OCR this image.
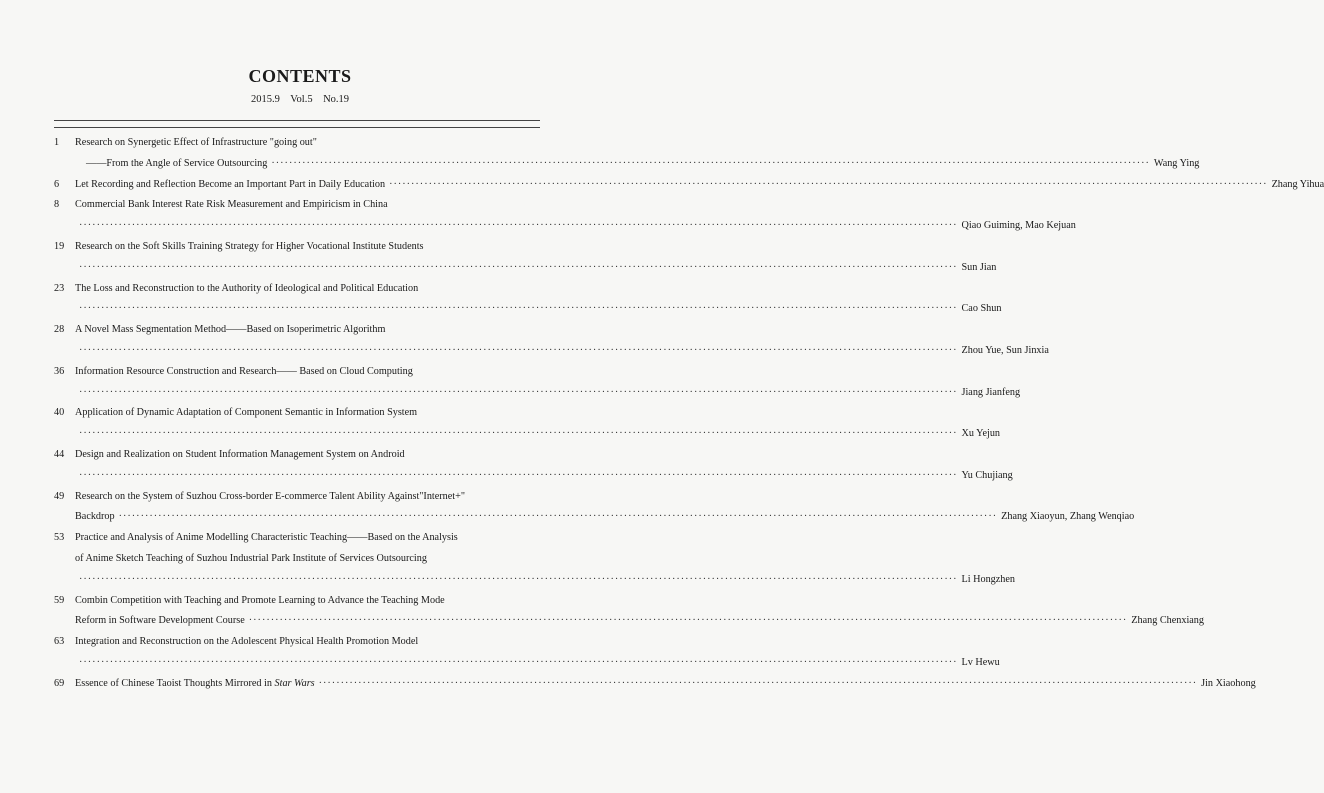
CONTENTS
2015.9　Vol.5　No.19
1 Research on Synergetic Effect of Infrastructure "going out"
——From the Angle of Service Outsourcing ········································································································································································································ Wang Ying
6 Let Recording and Reflection Become an Important Part in Daily Education ········································································································································································································ Zhang Yihua
8 Commercial Bank Interest Rate Risk Measurement and Empiricism in China
········································································································································································································ Qiao Guiming, Mao Kejuan
19 Research on the Soft Skills Training Strategy for Higher Vocational Institute Students
········································································································································································································ Sun Jian
23 The Loss and Reconstruction to the Authority of Ideological and Political Education
········································································································································································································ Cao Shun
28 A Novel Mass Segmentation Method——Based on Isoperimetric Algorithm
········································································································································································································ Zhou Yue, Sun Jinxia
36 Information Resource Construction and Research—— Based on Cloud Computing
········································································································································································································ Jiang Jianfeng
40 Application of Dynamic Adaptation of Component Semantic in Information System
········································································································································································································ Xu Yejun
44 Design and Realization on Student Information Management System on Android
········································································································································································································ Yu Chujiang
49 Research on the System of Suzhou Cross-border E-commerce Talent Ability Against"Internet+"
Backdrop ········································································································································································································ Zhang Xiaoyun, Zhang Wenqiao
53 Practice and Analysis of Anime Modelling Characteristic Teaching——Based on the Analysis
of Anime Sketch Teaching of Suzhou Industrial Park Institute of Services Outsourcing
········································································································································································································ Li Hongzhen
59 Combin Competition with Teaching and Promote Learning to Advance the Teaching Mode
Reform in Software Development Course ········································································································································································································ Zhang Chenxiang
63 Integration and Reconstruction on the Adolescent Physical Health Promotion Model
········································································································································································································ Lv Hewu
69 Essence of Chinese Taoist Thoughts Mirrored in Star Wars ········································································································································································································ Jin Xiaohong
